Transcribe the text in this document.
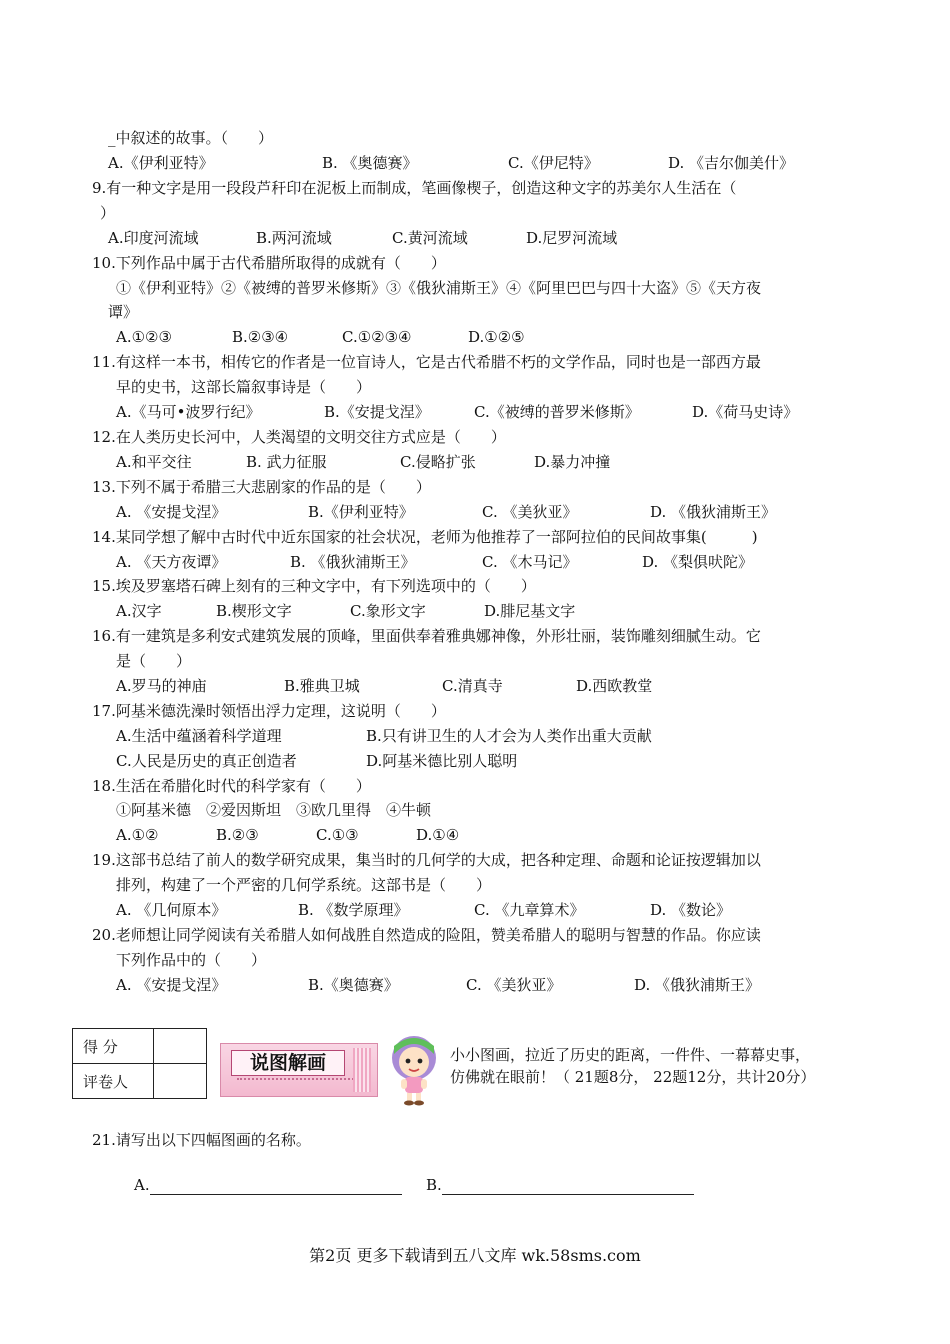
_中叙述的故事。（　　）
A.《伊利亚特》	B. 《奥德赛》	C.《伊尼特》	D. 《吉尔伽美什》
9.有一种文字是用一段段芦秆印在泥板上而制成，笔画像楔子，创造这种文字的苏美尔人生活在（
）
A.印度河流域	B.两河流域	C.黄河流域	D.尼罗河流域
10.下列作品中属于古代希腊所取得的成就有（　　）
①《伊利亚特》②《被缚的普罗米修斯》③《俄狄浦斯王》④《阿里巴巴与四十大盗》⑤《天方夜
谭》
A.①②③	B.②③④	C.①②③④	D.①②⑤
11.有这样一本书，相传它的作者是一位盲诗人，它是古代希腊不朽的文学作品，同时也是一部西方最
早的史书，这部长篇叙事诗是（　　）
A.《马可•波罗行纪》	B.《安提戈涅》	C.《被缚的普罗米修斯》	D.《荷马史诗》
12.在人类历史长河中，人类渴望的文明交往方式应是（　　）
A.和平交往	B. 武力征服	C.侵略扩张	D.暴力冲撞
13.下列不属于希腊三大悲剧家的作品的是（　　）
A. 《安提戈涅》	B.《伊利亚特》	C. 《美狄亚》	D. 《俄狄浦斯王》
14.某同学想了解中古时代中近东国家的社会状况，老师为他推荐了一部阿拉伯的民间故事集(　　　)
A. 《天方夜谭》	B. 《俄狄浦斯王》	C. 《木马记》	D. 《梨俱吠陀》
15.埃及罗塞塔石碑上刻有的三种文字中，有下列选项中的（　　）
A.汉字	B.楔形文字	C.象形文字	D.腓尼基文字
16.有一建筑是多利安式建筑发展的顶峰，里面供奉着雅典娜神像，外形壮丽，装饰雕刻细腻生动。它
是（　　）
A.罗马的神庙	B.雅典卫城	C.清真寺	D.西欧教堂
17.阿基米德洗澡时领悟出浮力定理，这说明（　　）
A.生活中蕴涵着科学道理	B.只有讲卫生的人才会为人类作出重大贡献
C.人民是历史的真正创造者	D.阿基米德比别人聪明
18.生活在希腊化时代的科学家有（　　）
①阿基米德　②爱因斯坦　③欧几里得　④牛顿
A.①②	B.②③	C.①③	D.①④
19.这部书总结了前人的数学研究成果，集当时的几何学的大成，把各种定理、命题和论证按逻辑加以
排列，构建了一个严密的几何学系统。这部书是（　　）
A. 《几何原本》	B. 《数学原理》	C. 《九章算术》	D. 《数论》
20.老师想让同学阅读有关希腊人如何战胜自然造成的险阻，赞美希腊人的聪明与智慧的作品。你应读
下列作品中的（　　）
A. 《安提戈涅》	B.《奥德赛》	C. 《美狄亚》	D. 《俄狄浦斯王》
得 分	
评卷人	
说图解画	小小图画，拉近了历史的距离，一件件、一幕幕史事，
仿佛就在眼前！（ 21题8分， 22题12分，共计20分）
21.请写出以下四幅图画的名称。
A.	B.
第2页 更多下载请到五八文库 wk.58sms.com
